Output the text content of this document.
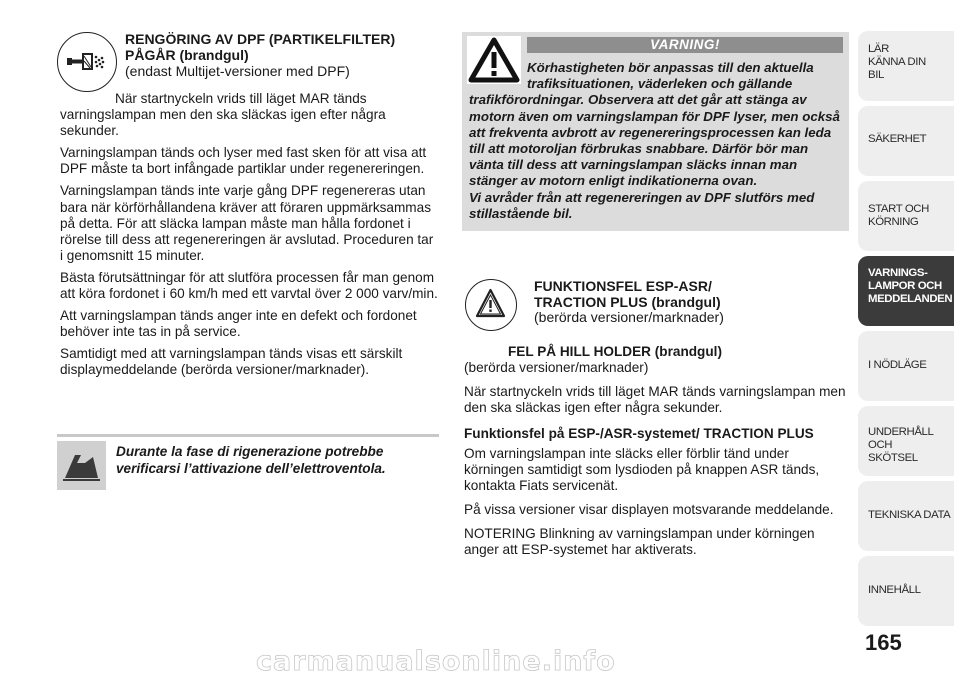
RENGÖRING AV DPF (PARTIKELFILTER)
PÅGÅR (brandgul)
(endast Multijet-versioner med DPF)

När startnyckeln vrids till läget MAR tänds varningslampan men den ska släckas igen efter några sekunder.

Varningslampan tänds och lyser med fast sken för att visa att DPF måste ta bort infångade partiklar under regenereringen.

Varningslampan tänds inte varje gång DPF regenereras utan bara när körförhållandena kräver att föraren uppmärksammas på detta. För att släcka lampan måste man hålla fordonet i rörelse till dess att regenereringen är avslutad. Proceduren tar i genomsnitt 15 minuter.

Bästa förutsättningar för att slutföra processen får man genom att köra fordonet i 60 km/h med ett varvtal över 2 000 varv/min.

Att varningslampan tänds anger inte en defekt och fordonet behöver inte tas in på service.

Samtidigt med att varningslampan tänds visas ett särskilt displaymeddelande (berörda versioner/marknader).

Durante la fase di rigenerazione potrebbe verificarsi l’attivazione dell’elettroventola.
VARNING!
Körhastigheten bör anpassas till den aktuella trafiksituationen, väderleken och gällande
trafikförordningar. Observera att det går att stänga av motorn även om varningslampan för DPF lyser, men också att frekventa avbrott av regenereringsprocessen kan leda till att motoroljan förbrukas snabbare. Därför bör man vänta till dess att varningslampan släcks innan man stänger av motorn enligt indikationerna ovan.
Vi avråder från att regenereringen av DPF slutförs med stillastående bil.
FUNKTIONSFEL ESP-ASR/
TRACTION PLUS (brandgul)
(berörda versioner/marknader)

FEL PÅ HILL HOLDER (brandgul)
(berörda versioner/marknader)

När startnyckeln vrids till läget MAR tänds varningslampan men den ska släckas igen efter några sekunder.

Funktionsfel på ESP-/ASR-systemet/ TRACTION PLUS

Om varningslampan inte släcks eller förblir tänd under körningen samtidigt som lysdioden på knappen ASR tänds, kontakta Fiats servicenät.

På vissa versioner visar displayen motsvarande meddelande.

NOTERING Blinkning av varningslampan under körningen anger att ESP-systemet har aktiverats.

LÄR KÄNNA DIN BIL
SÄKERHET
START OCH KÖRNING
VARNINGS- LAMPOR OCH MEDDELANDEN
I NÖDLÄGE
UNDERHÅLL OCH SKÖTSEL
TEKNISKA DATA
INNEHÅLL
165
carmanualsonline.info
